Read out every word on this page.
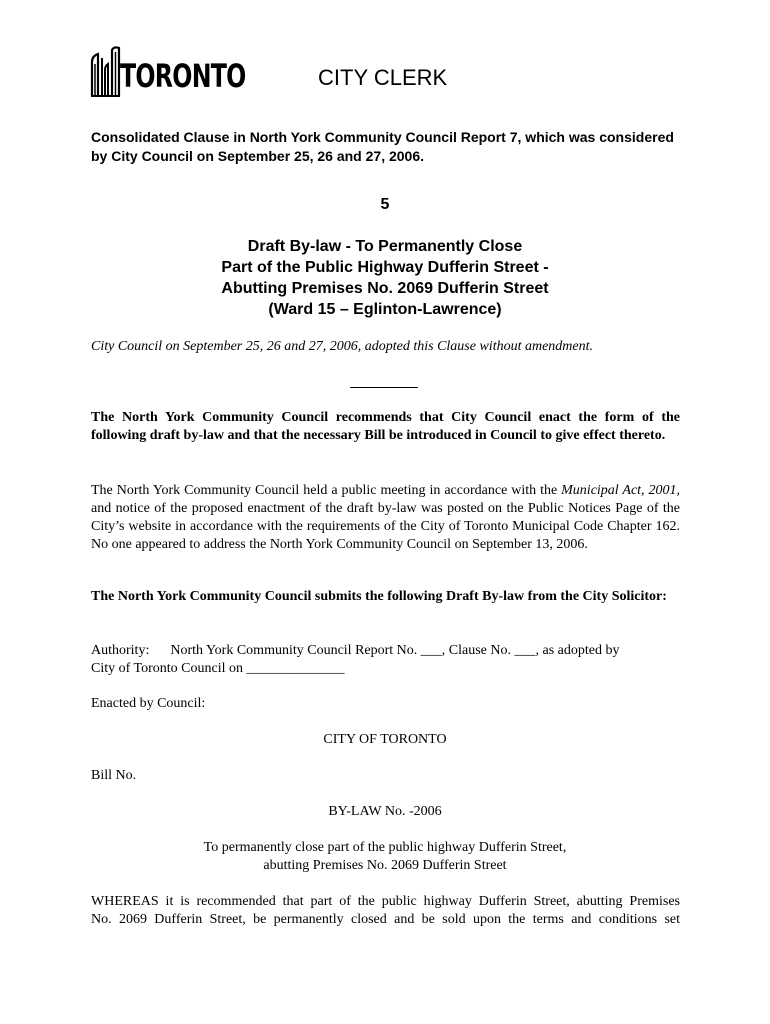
TORONTO	CITY CLERK
Consolidated Clause in North York Community Council Report 7, which was considered
by City Council on September 25, 26 and 27, 2006.
5
Draft By-law - To Permanently Close
Part of the Public Highway Dufferin Street -
Abutting Premises No. 2069 Dufferin Street
(Ward 15 – Eglinton-Lawrence)
City Council on September 25, 26 and 27, 2006, adopted this Clause without amendment.
The North York Community Council recommends that City Council enact the form of the following draft by-law and that the necessary Bill be introduced in Council to give effect thereto.
The North York Community Council held a public meeting in accordance with the Municipal Act, 2001, and notice of the proposed enactment of the draft by-law was posted on the Public Notices Page of the City’s website in accordance with the requirements of the City of Toronto Municipal Code Chapter 162. No one appeared to address the North York Community Council on September 13, 2006.
The North York Community Council submits the following Draft By-law from the City Solicitor:
Authority:      North York Community Council Report No. ___, Clause No. ___, as adopted by
City of Toronto Council on ______________
Enacted by Council:
CITY OF TORONTO
Bill No.
BY-LAW No. -2006
To permanently close part of the public highway Dufferin Street,
abutting Premises No. 2069 Dufferin Street
WHEREAS it is recommended that part of the public highway Dufferin Street, abutting Premises
No. 2069 Dufferin Street, be permanently closed and be sold upon the terms and conditions set
